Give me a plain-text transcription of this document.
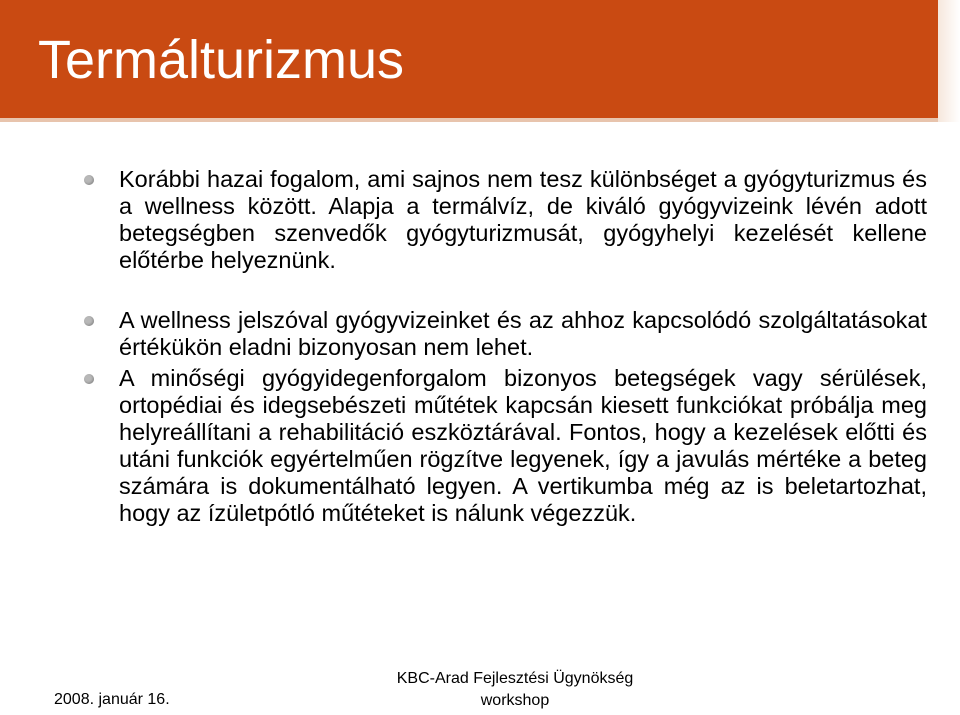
Termálturizmus

Korábbi hazai fogalom, ami sajnos nem tesz különbséget a gyógyturizmus és a wellness között. Alapja a termálvíz, de kiváló gyógyvizeink lévén adott betegségben szenvedők gyógyturizmusát, gyógyhelyi kezelését kellene előtérbe helyeznünk.

A wellness jelszóval gyógyvizeinket és az ahhoz kapcsolódó szolgáltatásokat értékükön eladni bizonyosan nem lehet.

A minőségi gyógyidegenforgalom bizonyos betegségek vagy sérülések, ortopédiai és idegsebészeti műtétek kapcsán kiesett funkciókat próbálja meg helyreállítani a rehabilitáció eszköztárával. Fontos, hogy a kezelések előtti és utáni funkciók egyértelműen rögzítve legyenek, így a javulás mértéke a beteg számára is dokumentálható legyen. A vertikumba még az is beletartozhat, hogy az ízületpótló műtéteket is nálunk végezzük.

2008. január 16.
KBC-Arad Fejlesztési Ügynökség
workshop
